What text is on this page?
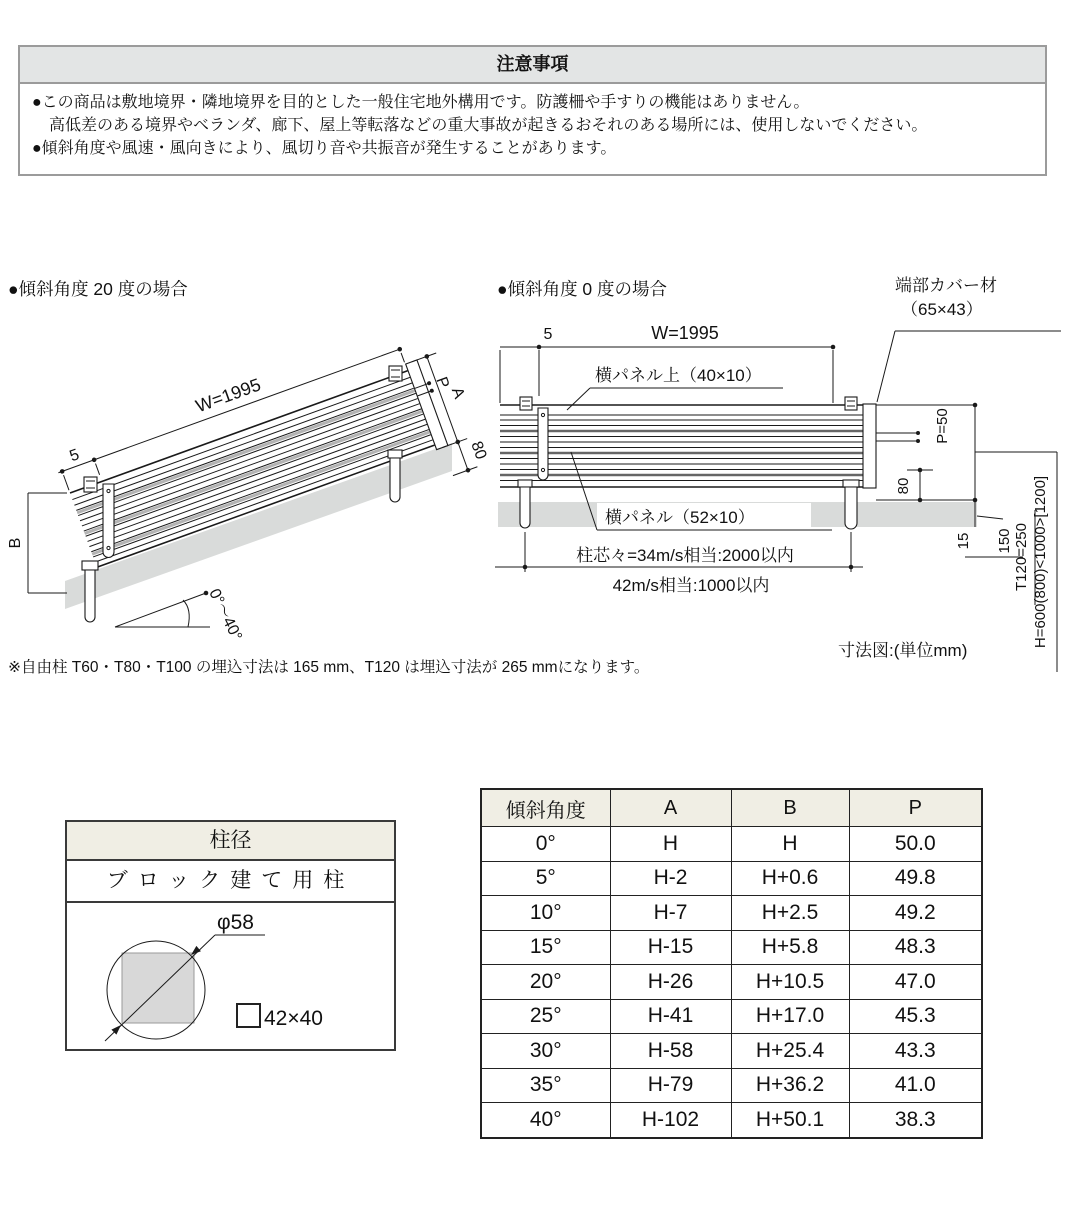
注意事項
●この商品は敷地境界・隣地境界を目的とした一般住宅地外構用です。防護柵や手すりの機能はありません。
高低差のある境界やベランダ、廊下、屋上等転落などの重大事故が起きるおそれのある場所には、使用しないでください。
●傾斜角度や風速・風向きにより、風切り音や共振音が発生することがあります。
●傾斜角度 20 度の場合	●傾斜角度 0 度の場合	端部カバー材
（65×43）
5
W=1995	A
P
80
B
0°～40°
5	W=1995
横パネル上（40×10）
横パネル（52×10）
P=50
80
15 150 T120=250 H=600(800)<1000>[1200]
柱芯々=34m/s相当:2000以内
42m/s相当:1000以内
寸法図:(単位mm)
※自由柱 T60・T80・T100 の埋込寸法は 165 mm、T120 は埋込寸法が 265 mmになります。
柱径
ブロック建て用柱
φ58
42×40
傾斜角度	A	B	P
0°	H	H	50.0
5°	H-2	H+0.6	49.8
10°	H-7	H+2.5	49.2
15°	H-15	H+5.8	48.3
20°	H-26	H+10.5	47.0
25°	H-41	H+17.0	45.3
30°	H-58	H+25.4	43.3
35°	H-79	H+36.2	41.0
40°	H-102	H+50.1	38.3
